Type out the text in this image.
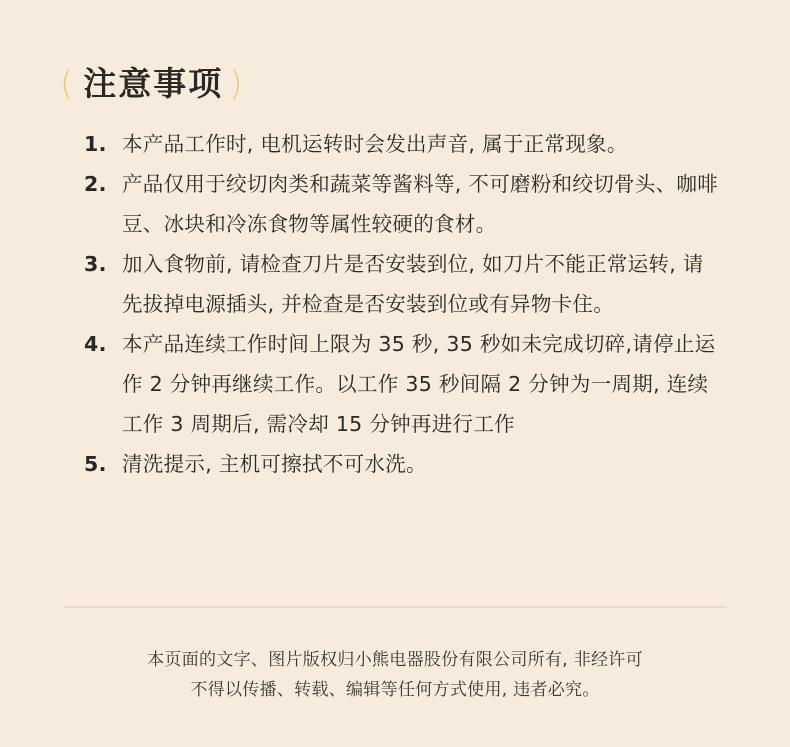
( 注意事项 )
1. 本产品工作时, 电机运转时会发出声音, 属于正常现象。
2. 产品仅用于绞切肉类和蔬菜等酱料等, 不可磨粉和绞切骨头、咖啡豆、冰块和冷冻食物等属性较硬的食材。
3. 加入食物前, 请检查刀片是否安装到位, 如刀片不能正常运转, 请先拔掉电源插头, 并检查是否安装到位或有异物卡住。
4. 本产品连续工作时间上限为 35 秒, 35 秒如未完成切碎,请停止运作 2 分钟再继续工作。以工作 35 秒间隔 2 分钟为一周期, 连续工作 3 周期后, 需冷却 15 分钟再进行工作
5. 清洗提示, 主机可擦拭不可水洗。
本页面的文字、图片版权归小熊电器股份有限公司所有, 非经许可
不得以传播、转载、编辑等任何方式使用, 违者必究。
